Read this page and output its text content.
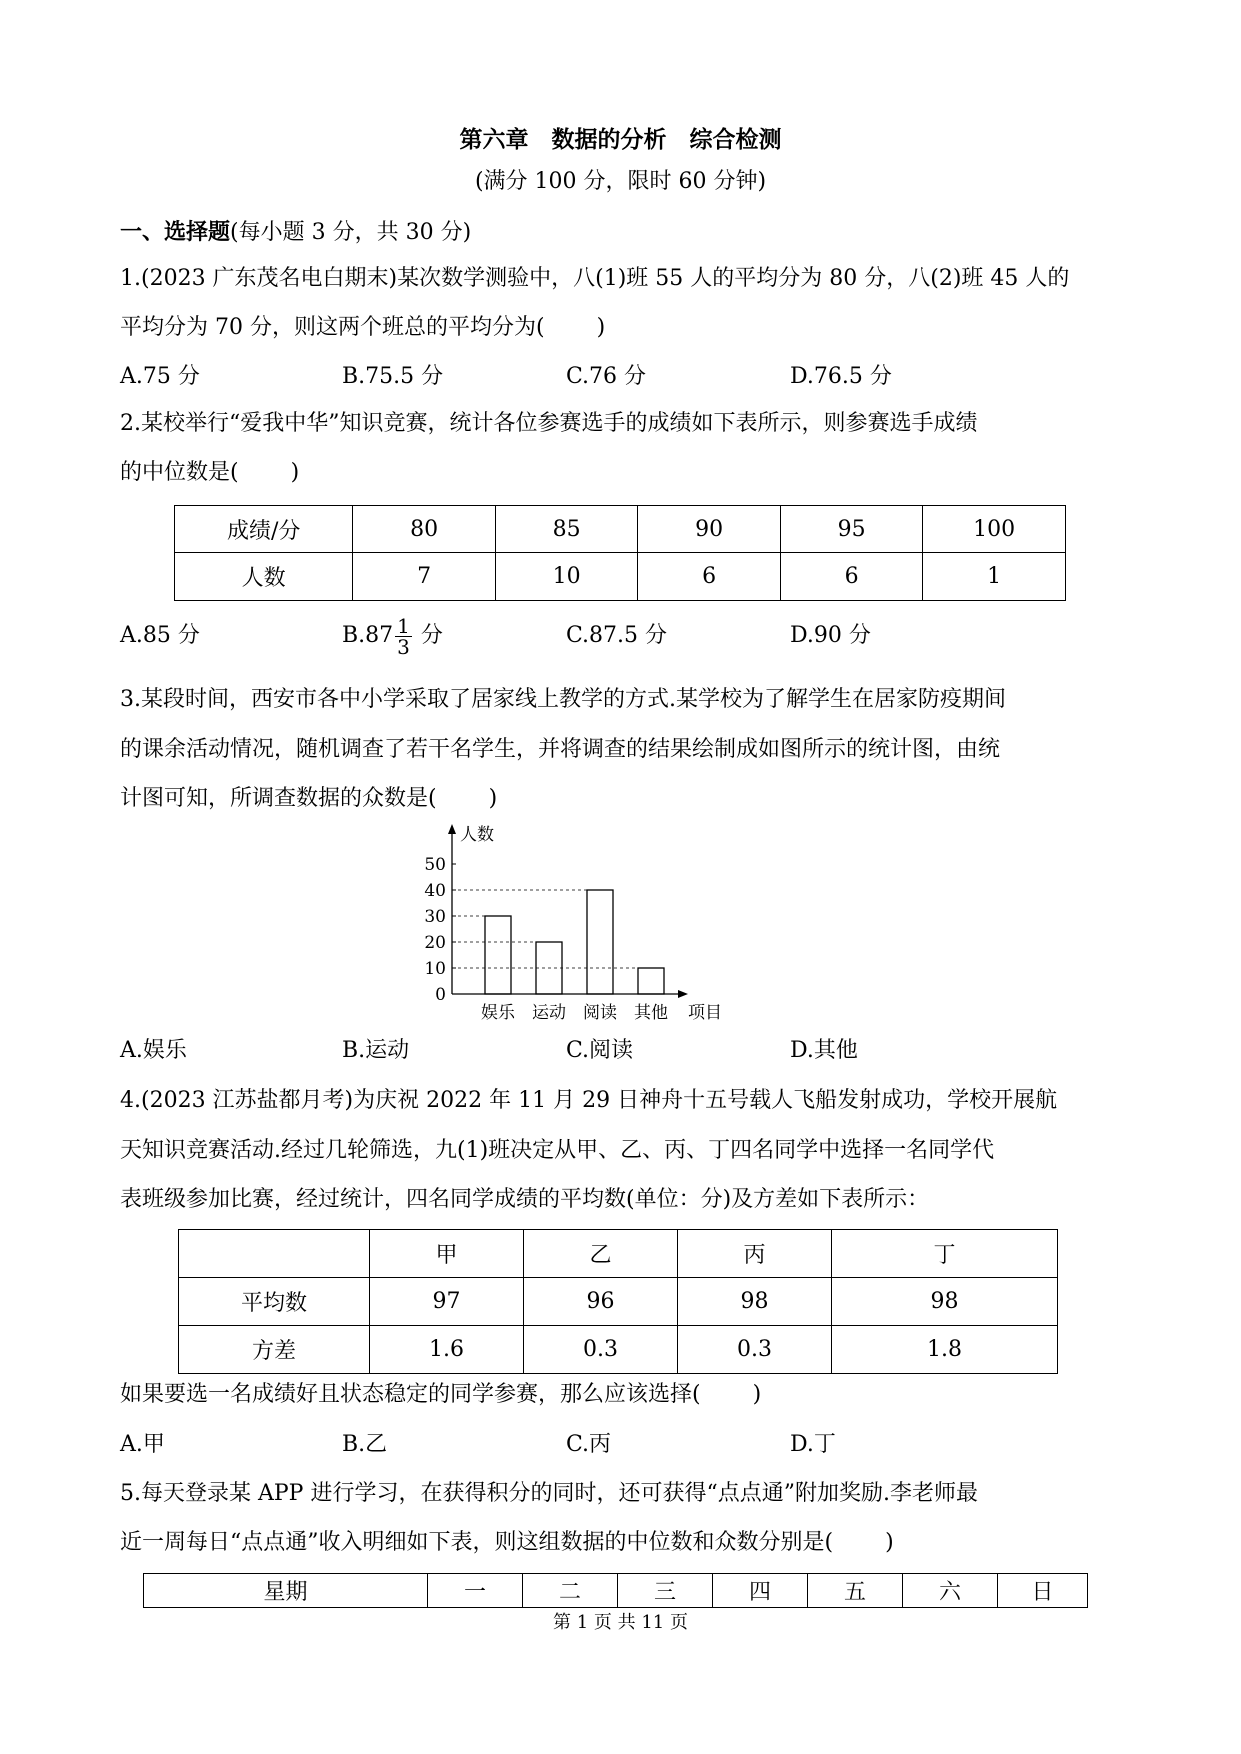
第六章　数据的分析　综合检测
(满分 100 分，限时 60 分钟)
一、选择题(每小题 3 分，共 30 分)
1.(2023 广东茂名电白期末)某次数学测验中，八(1)班 55 人的平均分为 80 分，八(2)班 45 人的
平均分为 70 分，则这两个班总的平均分为( )
A.75 分	B.75.5 分	C.76 分	D.76.5 分
2.某校举行“爱我中华”知识竞赛，统计各位参赛选手的成绩如下表所示，则参赛选手成绩
的中位数是( )
成绩/分	80	85	90	95	100
人数	7	10	6	6	1
A.85 分	$B.87 \frac{1}{3}$ 分	C.87.5 分	D.90 分
3.某段时间，西安市各中小学采取了居家线上教学的方式.某学校为了解学生在居家防疫期间
的课余活动情况，随机调查了若干名学生，并将调查的结果绘制成如图所示的统计图，由统
计图可知，所调查数据的众数是( )
0
10
20
30
40
50
人数
项目
娱乐 运动 阅读 其他
A.娱乐	B.运动	C.阅读	D.其他
4.(2023 江苏盐都月考)为庆祝 2022 年 11 月 29 日神舟十五号载人飞船发射成功，学校开展航
天知识竞赛活动.经过几轮筛选，九(1)班决定从甲、乙、丙、丁四名同学中选择一名同学代
表班级参加比赛，经过统计，四名同学成绩的平均数(单位：分)及方差如下表所示：
	甲	乙	丙	丁
平均数	97	96	98	98
方差	1.6	0.3	0.3	1.8
如果要选一名成绩好且状态稳定的同学参赛，那么应该选择( )
A.甲	B.乙	C.丙	D.丁
5.每天登录某 APP 进行学习，在获得积分的同时，还可获得“点点通”附加奖励.李老师最
近一周每日“点点通”收入明细如下表，则这组数据的中位数和众数分别是( )
星期	一	二	三	四	五	六	日
第 1 页 共 11 页
